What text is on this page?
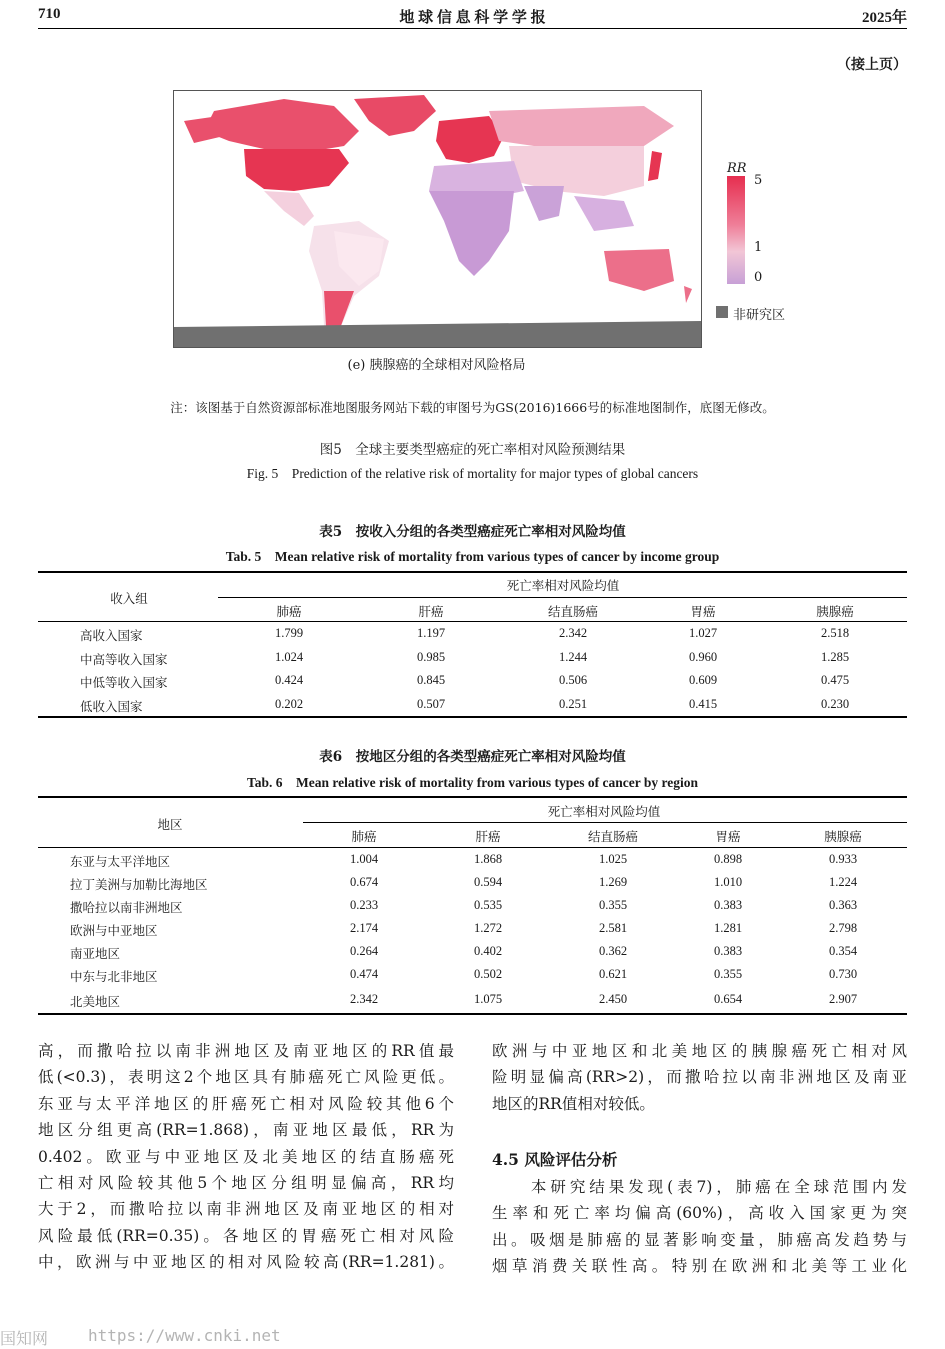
710	地 球 信 息 科 学 学 报	2025年
（接上页）
RR
5
1
0
非研究区
(e) 胰腺癌的全球相对风险格局
注：该图基于自然资源部标准地图服务网站下载的审图号为GS(2016)1666号的标准地图制作，底图无修改。
图5　全球主要类型癌症的死亡率相对风险预测结果
Fig. 5　Prediction of the relative risk of mortality for major types of global cancers
表5　按收入分组的各类型癌症死亡率相对风险均值
Tab. 5　Mean relative risk of mortality from various types of cancer by income group
收入组
死亡率相对风险均值
肺癌	肝癌	结直肠癌	胃癌	胰腺癌
高收入国家	1.799	1.197	2.342	1.027	2.518
中高等收入国家	1.024	0.985	1.244	0.960	1.285
中低等收入国家	0.424	0.845	0.506	0.609	0.475
低收入国家	0.202	0.507	0.251	0.415	0.230
表6　按地区分组的各类型癌症死亡率相对风险均值
Tab. 6　Mean relative risk of mortality from various types of cancer by region
地区
死亡率相对风险均值
肺癌	肝癌	结直肠癌	胃癌	胰腺癌
东亚与太平洋地区	1.004	1.868	1.025	0.898	0.933
拉丁美洲与加勒比海地区	0.674	0.594	1.269	1.010	1.224
撒哈拉以南非洲地区	0.233	0.535	0.355	0.383	0.363
欧洲与中亚地区	2.174	1.272	2.581	1.281	2.798
南亚地区	0.264	0.402	0.362	0.383	0.354
中东与北非地区	0.474	0.502	0.621	0.355	0.730
北美地区	2.342	1.075	2.450	0.654	2.907

高，而撒哈拉以南非洲地区及南亚地区的RR值最

低(<0.3)，表明这2个地区具有肺癌死亡风险更低。

东亚与太平洋地区的肝癌死亡相对风险较其他6个

地区分组更高(RR=1.868)，南亚地区最低，RR为

0.402。欧亚与中亚地区及北美地区的结直肠癌死

亡相对风险较其他5个地区分组明显偏高，RR均

大于2，而撒哈拉以南非洲地区及南亚地区的相对

风险最低(RR=0.35)。各地区的胃癌死亡相对风险

中，欧洲与中亚地区的相对风险较高(RR=1.281)。

欧洲与中亚地区和北美地区的胰腺癌死亡相对风

险明显偏高(RR>2)，而撒哈拉以南非洲地区及南亚

地区的RR值相对较低。

4.5 风险评估分析

　　本研究结果发现(表7)，肺癌在全球范围内发

生率和死亡率均偏高(60%)，高收入国家更为突

出。吸烟是肺癌的显著影响变量，肺癌高发趋势与

烟草消费关联性高。特别在欧洲和北美等工业化

国知网 https://www.cnki.net
